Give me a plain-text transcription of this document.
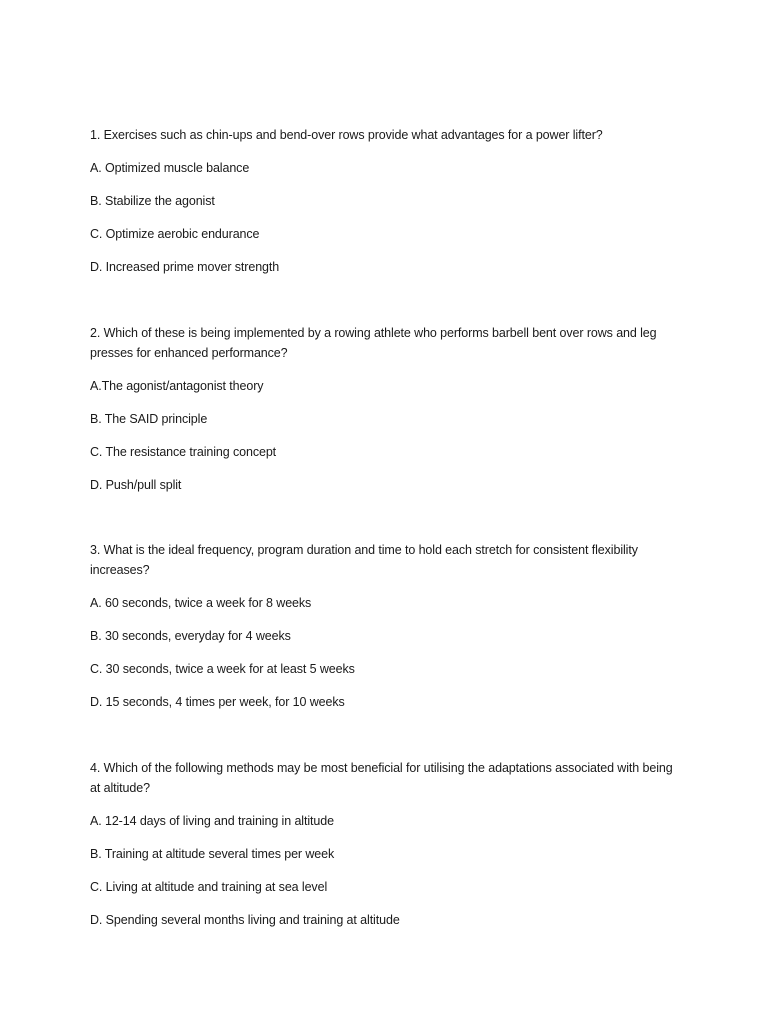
1. Exercises such as chin-ups and bend-over rows provide what advantages for a power lifter?

A. Optimized muscle balance
B. Stabilize the agonist
C. Optimize aerobic endurance
D. Increased prime mover strength

2. Which of these is being implemented by a rowing athlete who performs barbell bent over rows and leg presses for enhanced performance?

A.The agonist/antagonist theory
B. The SAID principle
C. The resistance training concept
D. Push/pull split

3. What is the ideal frequency, program duration and time to hold each stretch for consistent flexibility increases?

A. 60 seconds, twice a week for 8 weeks
B. 30 seconds, everyday for 4 weeks
C. 30 seconds, twice a week for at least 5 weeks
D. 15 seconds, 4 times per week, for 10 weeks

4. Which of the following methods may be most beneficial for utilising the adaptations associated with being at altitude?

A. 12-14 days of living and training in altitude
B. Training at altitude several times per week
C. Living at altitude and training at sea level
D. Spending several months living and training at altitude
